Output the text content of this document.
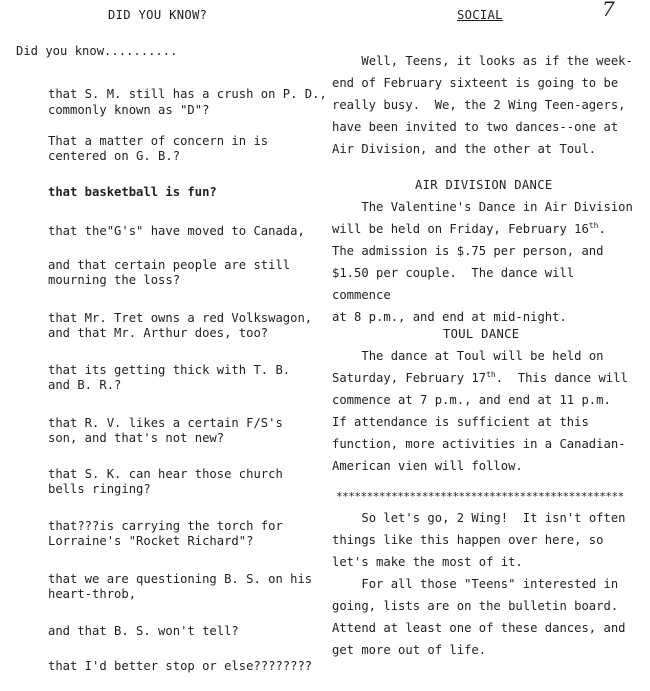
DID YOU KNOW?	SOCIAL	7
Did you know..........
that S. M. still has a crush on P. D.,
commonly known as "D"?
That a matter of concern in is
centered on G. B.?
that basketball is fun?
that the"G's" have moved to Canada,
and that certain people are still
mourning the loss?
that Mr. Tret owns a red Volkswagon,
and that Mr. Arthur does, too?
that its getting thick with T. B.
and B. R.?
that R. V. likes a certain F/S's
son, and that's not new?
that S. K. can hear those church
bells ringing?
that???is carrying the torch for
Lorraine's "Rocket Richard"?
that we are questioning B. S. on his
heart-throb,
and that B. S. won't tell?
that I'd better stop or else????????
Well, Teens, it looks as if the week-
end of February sixteent is going to be
really busy.  We, the 2 Wing Teen-agers,
have been invited to two dances--one at
Air Division, and the other at Toul.
AIR DIVISION DANCE
The Valentine's Dance in Air Division
will be held on Friday, February 16th.
The admission is $.75 per person, and
$1.50 per couple.  The dance will commence
at 8 p.m., and end at mid-night.
TOUL DANCE
The dance at Toul will be held on
Saturday, February 17th.  This dance will
commence at 7 p.m., and end at 11 p.m.
If attendance is sufficient at this
function, more activities in a Canadian-
American vien will follow.
***********************************************
So let's go, 2 Wing!  It isn't often
things like this happen over here, so
let's make the most of it.
For all those "Teens" interested in
going, lists are on the bulletin board.
Attend at least one of these dances, and
get more out of life.
